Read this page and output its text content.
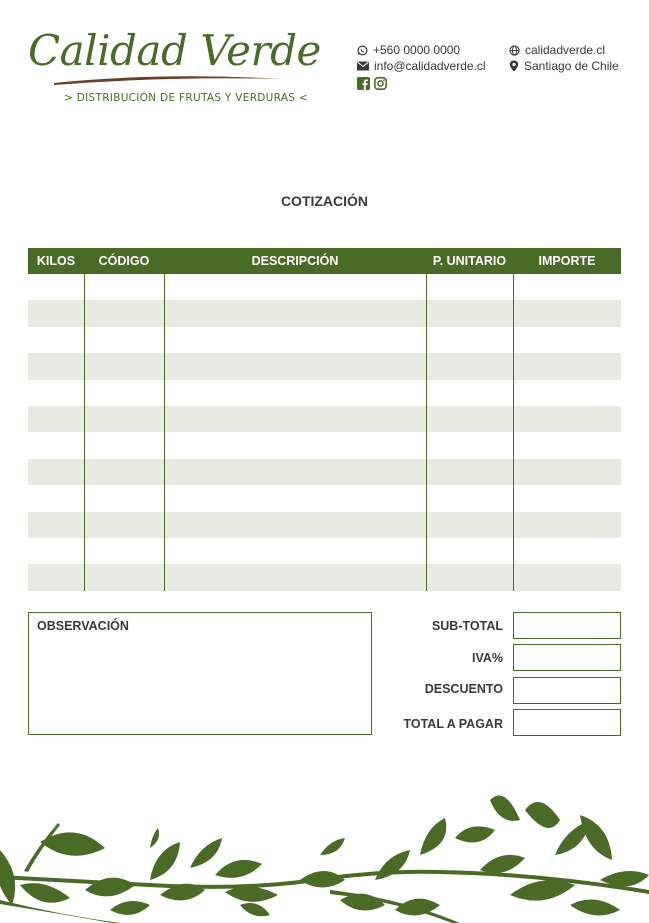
Calidad Verde
> DISTRIBUCIÓN DE FRUTAS Y VERDURAS <
+560 0000 0000
info@calidadverde.cl
calidadverde.cl
Santiago de Chile
COTIZACIÓN
KILOS	CÓDIGO	DESCRIPCIÓN	P. UNITARIO	IMPORTE
OBSERVACIÓN	SUB-TOTAL
IVA%
DESCUENTO
TOTAL A PAGAR
